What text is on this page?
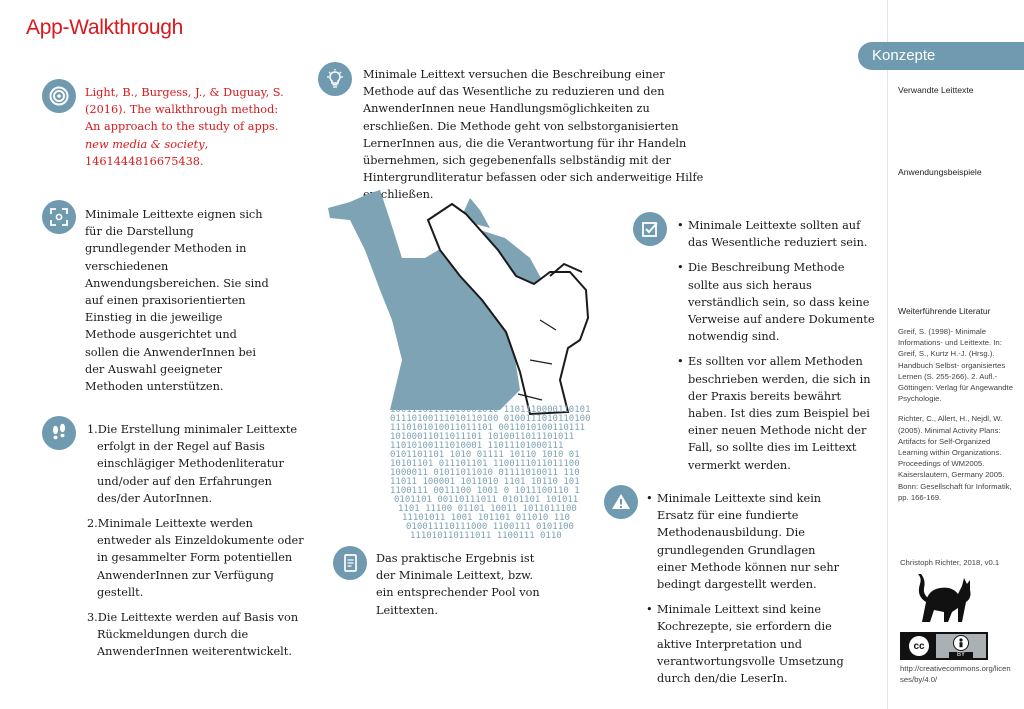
App-Walkthrough
Light, B., Burgess, J., & Duguay, S. (2016). The walkthrough method: An approach to the study of apps. new media & society, 1461444816675438.

Minimale Leittext versuchen die Beschreibung einer Methode auf das Wesentliche zu reduzieren und den AnwenderInnen neue Handlungsmöglichkeiten zu erschließen. Die Methode geht von selbstorganisierten LernerInnen aus, die die Verantwortung für ihr Handeln übernehmen, sich gegebenenfalls selbständig mit der Hintergrundliteratur befassen oder sich anderweitige Hilfe erschließen.

Minimale Leittexte eignen sich für die Darstellung grundlegender Methoden in verschiedenen Anwendungsbereichen. Sie sind auf einen praxisorientierten Einstieg in die jeweilige Methode ausgerichtet und sollen die AnwenderInnen bei der Auswahl geeigneter Methoden unterstützen.

1.Die Erstellung minimaler Leittexte erfolgt in der Regel auf Basis einschlägiger Methodenliteratur und/oder auf den Erfahrungen des/der AutorInnen.
2.Minimale Leittexte werden entweder als Einzeldokumente oder in gesammelter Form potentiellen AnwenderInnen zur Verfügung gestellt.
3.Die Leittexte werden auf Basis von Rückmeldungen durch die AnwenderInnen weiterentwickelt.
10011101101110001010 1101110000110101
01110100111010110100 0100111010110100
1110101010011011101 0011010100110111
10100011011011101 1010011011101011
11010100111010001 11011101000111
0101101101 1010 01111 10110 1010 01
10101101 011101101 1100111011011100
1000011 01011011010 01111010011 110
11011 100001 1011010 1101 10110 101
1100111 0011100 1001 0 1011100110 1
0101101 00110111011 0101101 101011
1101 11100 01101 10011 1011011100
11101011 1001 101101 011010 110
010011110111000 1100111 0101100
111010110111011 1100111 0110

Das praktische Ergebnis ist der Minimale Leittext, bzw. ein entsprechender Pool von Leittexten.

• Minimale Leittexte sollten auf das Wesentliche reduziert sein.
• Die Beschreibung Methode sollte aus sich heraus verständlich sein, so dass keine Verweise auf andere Dokumente notwendig sind.
• Es sollten vor allem Methoden beschrieben werden, die sich in der Praxis bereits bewährt haben. Ist dies zum Beispiel bei einer neuen Methode nicht der Fall, so sollte dies im Leittext vermerkt werden.
• Minimale Leittexte sind kein Ersatz für eine fundierte Methodenausbildung. Die grundlegenden Grundlagen einer Methode können nur sehr bedingt dargestellt werden.
• Minimale Leittext sind keine Kochrezepte, sie erfordern die aktive Interpretation und verantwortungsvolle Umsetzung durch den/die LeserIn.
Konzepte
Verwandte Leittexte
Anwendungsbeispiele
Weiterführende Literatur

Greif, S. (1998)- Minimale Informations- und Leittexte. In: Greif, S., Kurtz H.-J. (Hrsg.). Handbuch Selbst- organisiertes Lernen (S. 255-266). 2. Aufl.- Göttingen: Verlag für Angewandte Psychologie.

Richter, C., Allert, H., Nejdl, W. (2005). Minimal Activity Plans: Artifacts for Self-Organized Learning within Organizations. Proceedings of WM2005. Kaiserslautern, Germany 2005. Bonn: Gesellschaft für Informatik, pp. 166-169.

Christoph Richter, 2018, v0.1
cc
BY
http://creativecommons.org/licenses/by/4.0/
